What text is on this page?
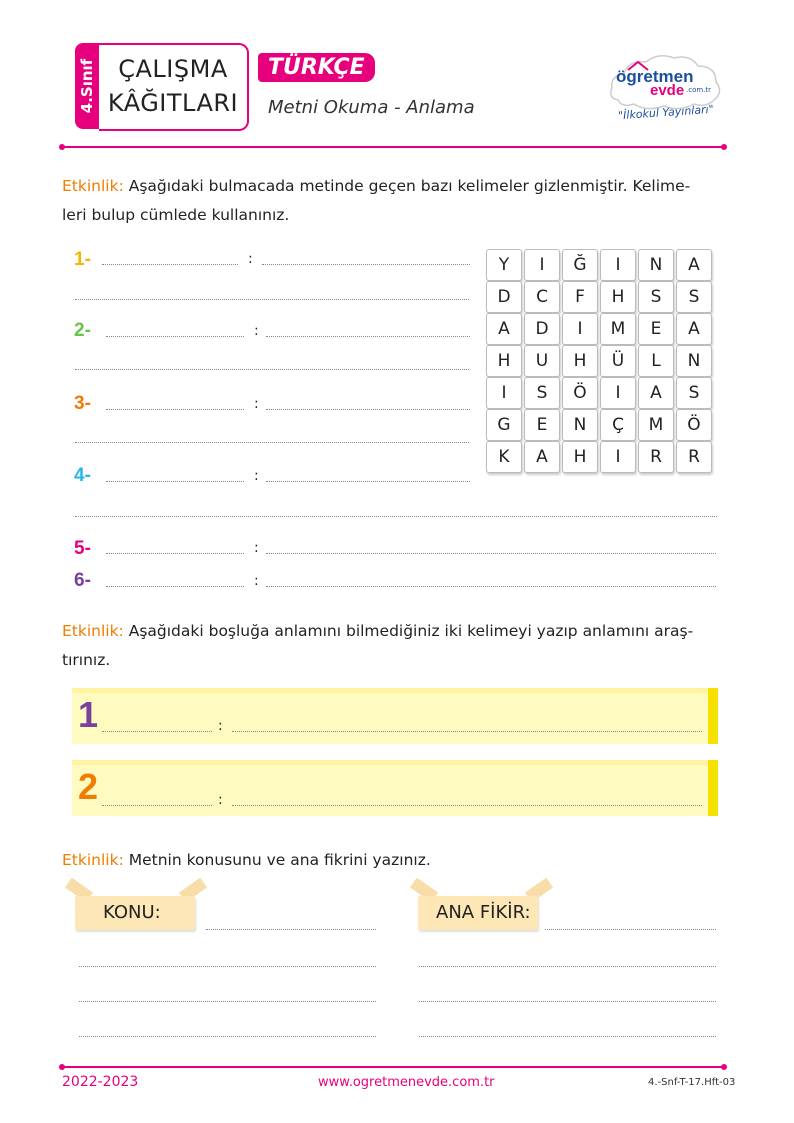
4.Sınıf ÇALIŞMA
KÂĞITLARI
TÜRKÇE
Metni Okuma - Anlama
ögretmen
evde .com.tr
"İlkokul Yayınları"
Etkinlik: Aşağıdaki bulmacada metinde geçen bazı kelimeler gizlenmiştir. Kelime-
leri bulup cümlede kullanınız.
1-	:
2-	:
3-	:
4-	:
5-	:
6-	:
Y	I	Ğ	I	N	A
D	C	F	H	S	S
A	D	I	M	E	A
H	U	H	Ü	L	N
I	S	Ö	I	A	S
G	E	N	Ç	M	Ö
K	A	H	I	R	R
Etkinlik: Aşağıdaki boşluğa anlamını bilmediğiniz iki kelimeyi yazıp anlamını araş-
tırınız.
1	:
2	:
Etkinlik: Metnin konusunu ve ana fikrini yazınız.
KONU:	ANA FİKİR:
2022-2023	www.ogretmenevde.com.tr	4.-Snf-T-17.Hft-03
